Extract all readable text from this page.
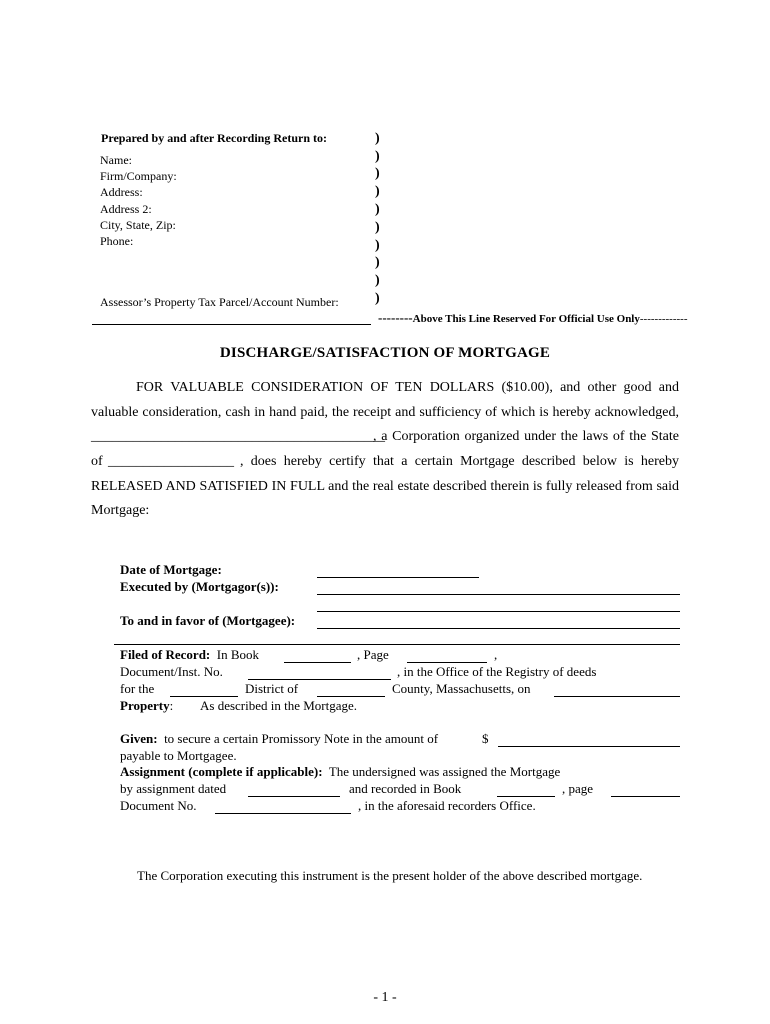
Prepared by and after Recording Return to:
Name:
Firm/Company:
Address:
Address 2:
City, State, Zip:
Phone:
Assessor’s Property Tax Parcel/Account Number:
)
)
)
)
)
)
)
)
)
)
--------Above This Line Reserved For Official Use Only-------------
DISCHARGE/SATISFACTION OF MORTGAGE
FOR VALUABLE CONSIDERATION OF TEN DOLLARS ($10.00), and other good and
valuable consideration, cash in hand paid, the receipt and sufficiency of which is hereby acknowledged,
__________________________________________
, a Corporation organized under the laws of the State
of __________________ , does hereby certify that a certain Mortgage described below is hereby
RELEASED AND SATISFIED IN FULL and the real estate described therein is fully released from said
Mortgage:
Date of Mortgage:
Executed by (Mortgagor(s)):
To and in favor of (Mortgagee):
Filed of Record: In Book	, Page	,
Document/Inst. No.	, in the Office of the Registry of deeds
for the	District of	County, Massachusetts, on
Property: As described in the Mortgage.
Given: to secure a certain Promissory Note in the amount of	$
payable to Mortgagee.
Assignment (complete if applicable): The undersigned was assigned the Mortgage
by assignment dated	and recorded in Book	, page
Document No.	, in the aforesaid recorders Office.
The Corporation executing this instrument is the present holder of the above described mortgage.
- 1 -
